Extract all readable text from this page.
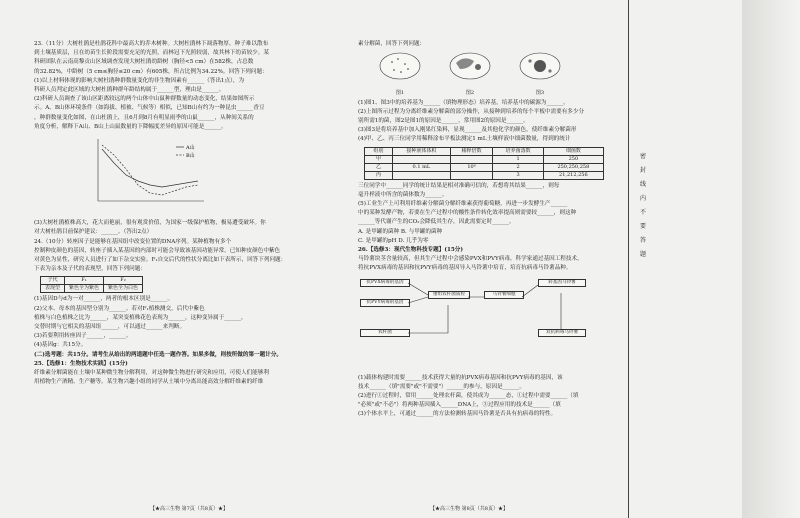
23.（11分）大树杜鹃是杜鹃花科中最高大的乔木树种。大树杜鹃林下凋落物厚，种子难以散布

到土壤基质层，且在幼苗生长阶段需要充足的光照，而林冠下光照较弱，故其林下幼苗较少。某

科研团队在云南高黎贡山区域调查发现大树杜鹃幼龄树（胸径<5 cm）在582株，占总数

的32.82%，中龄树（5 cm≤胸径≤20 cm）有605株，所占比例为34.22%。回答下列问题：

(1)以上材料体现的影响大树杜鹃种群数量变化的非生物因素有______（答出1点），为

科研人员判定此区域的大树杜鹃种群年龄结构属于______型，理由是______。

(2)科研人员调查了该山区距离较远的两个山体中山鼠种群数量的动态变化，结果如图所示

示。A、B山体环境条件（如海拔、植被、气候等）相似，已知B山有约为一种昆虫______香豆

，种群数量变化如图，在山杜鹃上，且6月到8月有明显雨季的山鼠______，从种间关系的

角度分析，解释下A山、B山上山鼠数量的下降幅度差异的原因可能是______。

A山
B山

(3)大树杜鹃植株高大，花大而艳丽，很有观赏价值，为国家一级保护植物，极易遭受破坏。你

对大树杜鹃目前保护建议：______。（答出2点）

24.（10分）转座因子是能够在基因组中改变位置的DNA序列。某种植物有多个

控制种皮颜色的基因，转座子插入某基因的内部时可能会导致该基因功能异常。已知种皮颜色中紫色

对黄色为显性，研究人员进行了如下杂交实验。F₁自交后代的性状分离比如下表所示，回答下列问题：

下表为亲本及子代的表现型，回答下列问题：

子代	F₁	F₂
表现型	紫色全为紫色	紫色全为白色

(1)基因D与d为一对______，两者的根本区别是______。

(2)父本、母本的基因型分别为______。若对F₁植株测交，后代中紫色

植株与白色植株之比为______，某突变植株花色表现为______，这种变异属于______，

交替时期与它相关的基因组______，可以通过______来判断。

(3)若要利用转座因子______，______。

(4)基因g：共15分。

(二)选考题：共15分。请考生从给出的两道题中任选一题作答。如果多做，则按所做的第一题计分。

25.【选修1：生物技术实践】(15分)

纤维素分解菌能在土壤中某种微生物分解利用，对这种微生物进行研究和应用，可使人们能够利

用植物生产酒精、生产糖等。某生物兴趣小组的同学从土壤中分离出能高效分解纤维素的纤维

【★高三生物 第7页（共8页）★】

素分解菌，回答下列问题：

图1	图2	图3

(1)图1、图3中的培养基为______（填物理形态）培养基，培养基中的碳源为______。

(2)上图所示过程为分离纤维素分解菌的部分操作，从接种到培养的每个平板中需要有多少分

别所需1的菌，图2是图1的原因是______，常用图2的原因是______。

(3)图3是将培养基中加入刚果红染料，显现______及其他化学的颜色，使纤维素分解菌形

(4)甲、乙、丙三位同学用稀释涂布平板法测定1 mL土壤样液中细菌数量，得到的统计

组别	接种液体体积	稀释倍数	培养菌落数	细菌数
甲			1	250
乙	0.1 mL	10⁶	2	250,250,258
丙			3	21,212,256

三位同学中______同学的统计结果是相对准确可信的，若想将其结果______，则每

毫升样液中所含的菌体数为______。

(5)工业生产上可利用纤维素分解菌分解纤维素获得葡萄糖，再进一步发酵生产______

中的某种发酵产物，若要在生产过程中的酸性条件转化效率提高则需要较______，则这种

______等代谢产生的CO₂会降低其生存，因此需要定时______。

A. 是甲罐的菌种 B. 与甲罐的菌种

C. 是甲罐的pH D. 几乎为零

26.【选修3：现代生物科技专题】(15分)

马铃薯块茎含量较高，但其生产过程中会感染PVX和PVY病毒，科学家通过基因工程技术，

将抗PVX病毒的基因和抗PVY病毒的基因导入马铃薯中培育，培育抗病毒马铃薯品种。

抗PVX病毒的基因
抗PVY病毒的基因
农杆菌
重组农杆菌质粒	马铃薯细胞
转基因马铃薯
双抗病毒马铃薯

(1)载体构建时需要______技术获得大量的抗PVX病毒基因和抗PVY病毒的基因，该

技术______（填"需要"或"不需要"）______的参与，原因是______。

(2)进行①过程时，常用______处理农杆菌，使其成为______态，①过程中需要______（填

"必须"或"不必"）将两种基因插入______DNA上，③过程应用的技术是______（填

(3)个体水平上，可通过______的方法检测转基因马铃薯是否具有抗病毒的特性。

【★高三生物 第8页（共8页）★】
密
封
线
内
不
要
答
题
